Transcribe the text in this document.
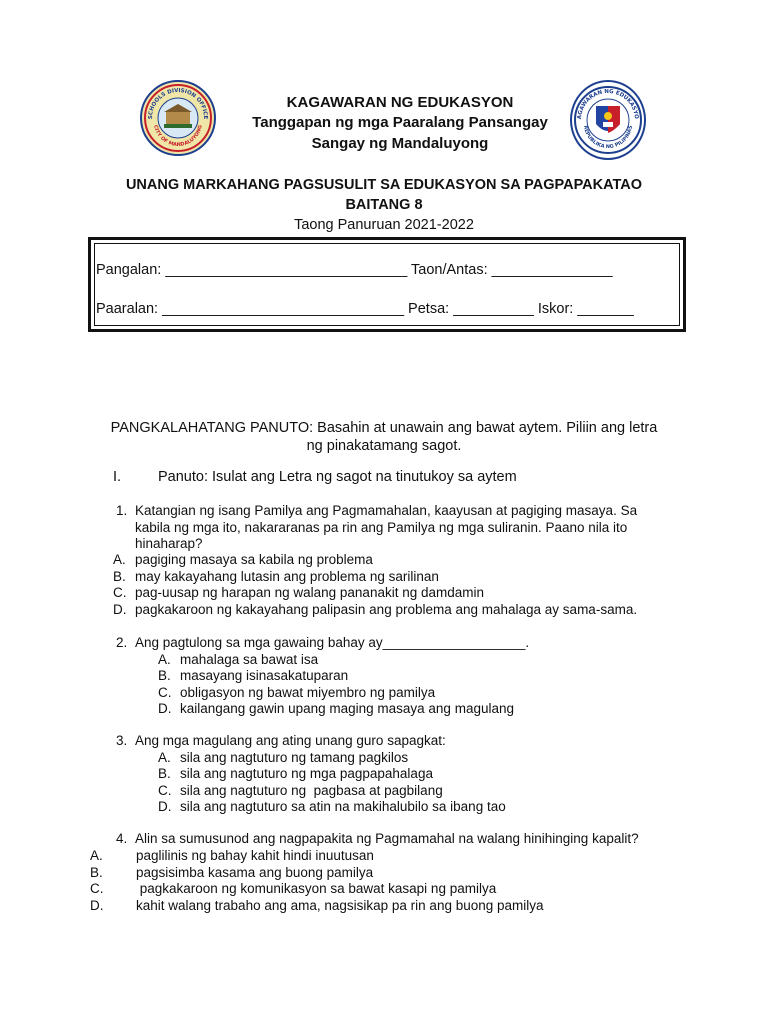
SCHOOLS DIVISION OFFICE
CITY OF MANDALUYONG
AGAWARAN NG EDUKASYO
REPUBLIKA NG PILIPINAS
KAGAWARAN NG EDUKASYON
Tanggapan ng mga Paaralang Pansangay
Sangay ng Mandaluyong
UNANG MARKAHANG PAGSUSULIT SA EDUKASYON SA PAGPAPAKATAO
BAITANG 8
Taong Panuruan 2021-2022
Pangalan: ______________________________ Taon/Antas: _______________
Paaralan: ______________________________ Petsa: __________ Iskor: _______
PANGKALAHATANG PANUTO: Basahin at unawain ang bawat aytem. Piliin ang letra
ng pinakatamang sagot.
I.	Panuto: Isulat ang Letra ng sagot na tinutukoy sa aytem
1. Katangian ng isang Pamilya ang Pagmamahalan, kaayusan at pagiging masaya. Sa
kabila ng mga ito, nakararanas pa rin ang Pamilya ng mga suliranin. Paano nila ito
hinaharap?
A. pagiging masaya sa kabila ng problema
B. may kakayahang lutasin ang problema ng sarilinan
C. pag-uusap ng harapan ng walang pananakit ng damdamin
D. pagkakaroon ng kakayahang palipasin ang problema ang mahalaga ay sama-sama.
2. Ang pagtulong sa mga gawaing bahay ay___________________.
A. mahalaga sa bawat isa
B. masayang isinasakatuparan
C. obligasyon ng bawat miyembro ng pamilya
D. kailangang gawin upang maging masaya ang magulang
3. Ang mga magulang ang ating unang guro sapagkat:
A. sila ang nagtuturo ng tamang pagkilos
B. sila ang nagtuturo ng mga pagpapahalaga
C. sila ang nagtuturo ng  pagbasa at pagbilang
D. sila ang nagtuturo sa atin na makihalubilo sa ibang tao
4. Alin sa sumusunod ang nagpapakita ng Pagmamahal na walang hinihinging kapalit?
A. paglilinis ng bahay kahit hindi inuutusan
B. pagsisimba kasama ang buong pamilya
C. pagkakaroon ng komunikasyon sa bawat kasapi ng pamilya
D. kahit walang trabaho ang ama, nagsisikap pa rin ang buong pamilya
